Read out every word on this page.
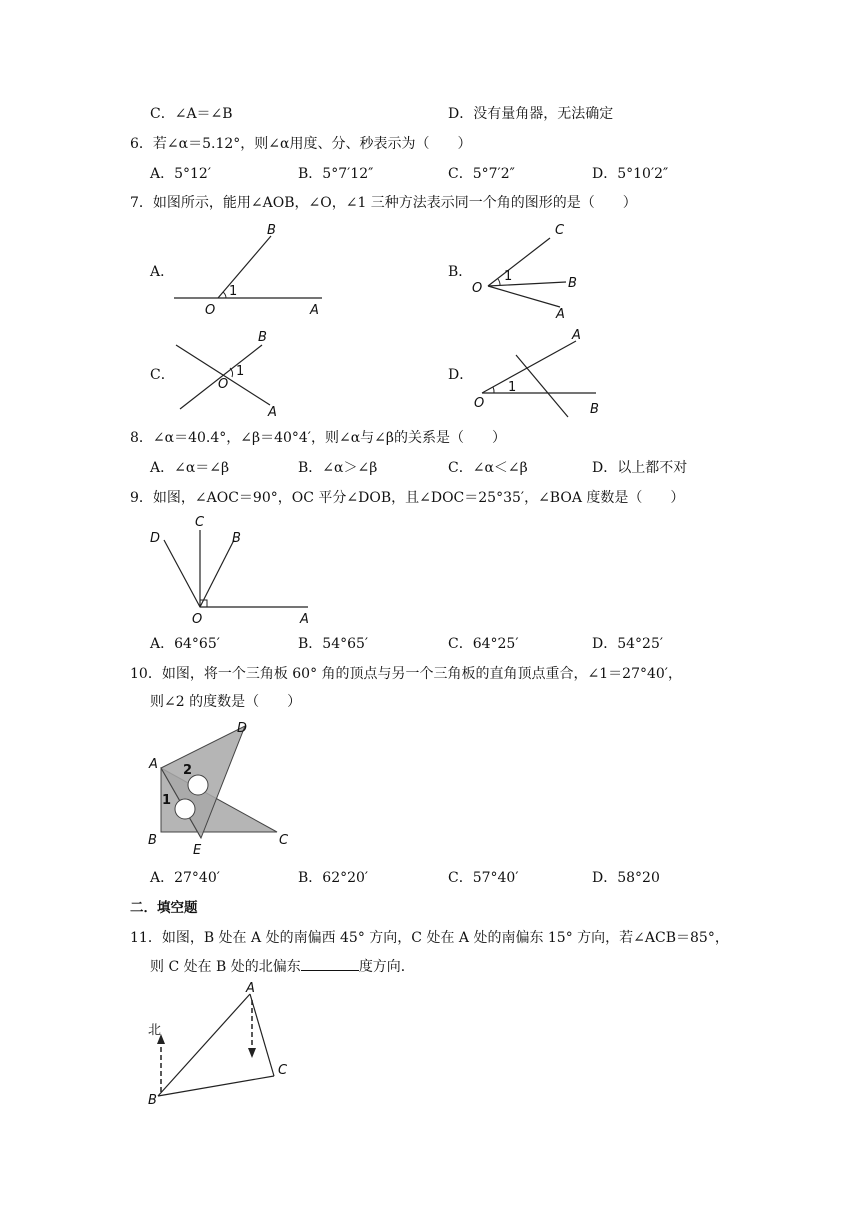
C．∠A＝∠B	D．没有量角器，无法确定
6．若∠α＝5.12°，则∠α用度、分、秒表示为（　　）
A．5°12′	B．5°7′12″	C．5°7′2″	D．5°10′2″
7．如图所示，能用∠AOB，∠O，∠1 三种方法表示同一个角的图形的是（　　）
A．	B．
C．	D．
B
1
O	A
C
1	B
O
A
B
1
O
A
A
1
O	B
8．∠α＝40.4°，∠β＝40°4′，则∠α与∠β的关系是（　　）
A．∠α＝∠β	B．∠α＞∠β	C．∠α＜∠β	D．以上都不对
9．如图，∠AOC＝90°，OC 平分∠DOB，且∠DOC＝25°35′，∠BOA 度数是（　　）
C
D	B
O	A
A．64°65′	B．54°65′	C．64°25′	D．54°25′
10．如图，将一个三角板 60° 角的顶点与另一个三角板的直角顶点重合，∠1＝27°40′，
则∠2 的度数是（　　）
A
D
2
1
B
E
C
A．27°40′	B．62°20′	C．57°40′	D．58°20
二．填空题
11．如图，B 处在 A 处的南偏西 45° 方向，C 处在 A 处的南偏东 15° 方向，若∠ACB＝85°，
则 C 处在 B 处的北偏东	度方向．
A
北
C
B
